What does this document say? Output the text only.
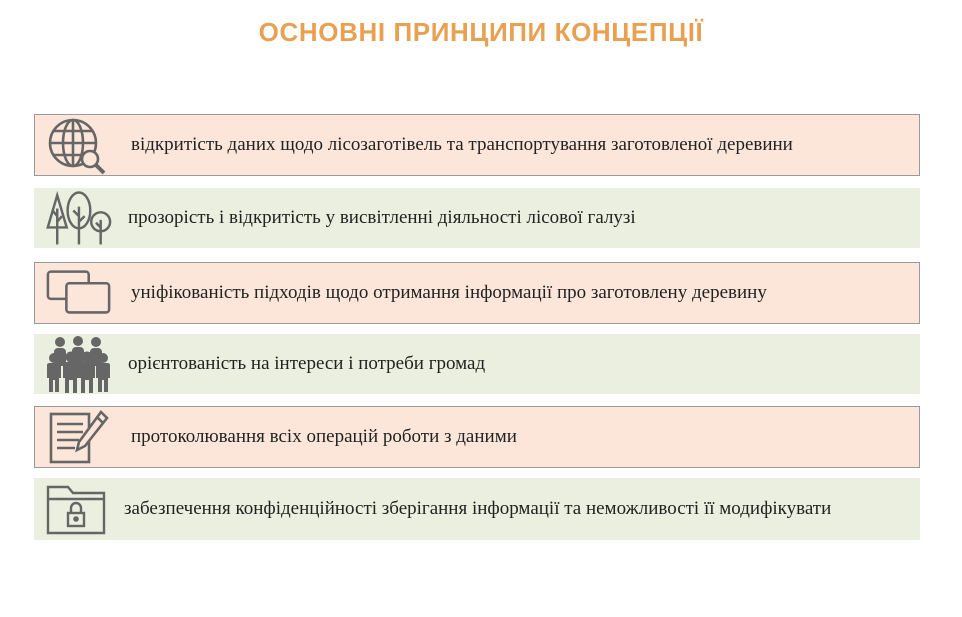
ОСНОВНІ ПРИНЦИПИ КОНЦЕПЦІЇ
відкритість даних щодо лісозаготівель та транспортування заготовленої деревини
прозорість і відкритість у висвітленні діяльності лісової галузі
уніфікованість підходів щодо отримання інформації про заготовлену деревину
орієнтованість на інтереси і потреби громад
протоколювання всіх операцій роботи з даними
забезпечення конфіденційності зберігання інформації та неможливості її модифікувати
